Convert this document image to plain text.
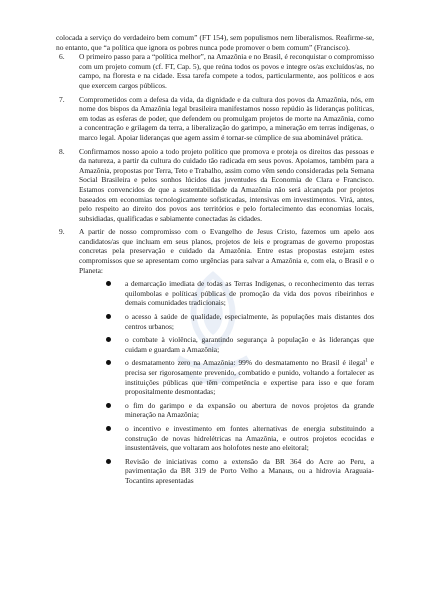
colocada a serviço do verdadeiro bem comum” (FT 154), sem populismos nem liberalismos. Reafirme-se, no entanto, que “a política que ignora os pobres nunca pode promover o bem comum” (Francisco).

6. O primeiro passo para a “política melhor”, na Amazônia e no Brasil, é reconquistar o compromisso com um projeto comum (cf. FT, Cap. 5), que reúna todos os povos e integre os/as excluídos/as, no campo, na floresta e na cidade. Essa tarefa compete a todos, particularmente, aos políticos e aos que exercem cargos públicos.

7. Comprometidos com a defesa da vida, da dignidade e da cultura dos povos da Amazônia, nós, em nome dos bispos da Amazônia legal brasileira manifestamos nosso repúdio às lideranças políticas, em todas as esferas de poder, que defendem ou promulgam projetos de morte na Amazônia, como a concentração e grilagem da terra, a liberalização do garimpo, a mineração em terras indígenas, o marco legal. Apoiar lideranças que agem assim é tornar-se cúmplice de sua abominável prática.

8. Confirmamos nosso apoio a todo projeto político que promova e proteja os direitos das pessoas e da natureza, a partir da cultura do cuidado tão radicada em seus povos. Apoiamos, também para a Amazônia, propostas por Terra, Teto e Trabalho, assim como vêm sendo consideradas pela Semana Social Brasileira e pelos sonhos lúcidos das juventudes da Economia de Clara e Francisco. Estamos convencidos de que a sustentabilidade da Amazônia não será alcançada por projetos baseados em economias tecnologicamente sofisticadas, intensivas em investimentos. Virá, antes, pelo respeito ao direito dos povos aos territórios e pelo fortalecimento das economias locais, subsidiadas, qualificadas e sabiamente conectadas às cidades.

9. A partir de nosso compromisso com o Evangelho de Jesus Cristo, fazemos um apelo aos candidatos/as que incluam em seus planos, projetos de leis e programas de governo propostas concretas pela preservação e cuidado da Amazônia. Entre estas propostas estejam estes compromissos que se apresentam como urgências para salvar a Amazônia e, com ela, o Brasil e o Planeta:

a demarcação imediata de todas as Terras Indígenas, o reconhecimento das terras quilombolas e políticas públicas de promoção da vida dos povos ribeirinhos e demais comunidades tradicionais;

o acesso à saúde de qualidade, especialmente, às populações mais distantes dos centros urbanos;

o combate à violência, garantindo segurança à população e às lideranças que cuidam e guardam a Amazônia;

o desmatamento zero na Amazônia: 99% do desmatamento no Brasil é ilegal$^1$ e precisa ser rigorosamente prevenido, combatido e punido, voltando a fortalecer as instituições públicas que têm competência e expertise para isso e que foram propositalmente desmontadas;

o fim do garimpo e da expansão ou abertura de novos projetos da grande mineração na Amazônia;

o incentivo e investimento em fontes alternativas de energia substituindo a construção de novas hidrelétricas na Amazônia, e outros projetos ecocidas e insustentáveis, que voltaram aos holofotes neste ano eleitoral;

Revisão de iniciativas como a extensão da BR 364 do Acre ao Peru, a pavimentação da BR 319 de Porto Velho a Manaus, ou a hidrovia Araguaia-Tocantins apresentadas
